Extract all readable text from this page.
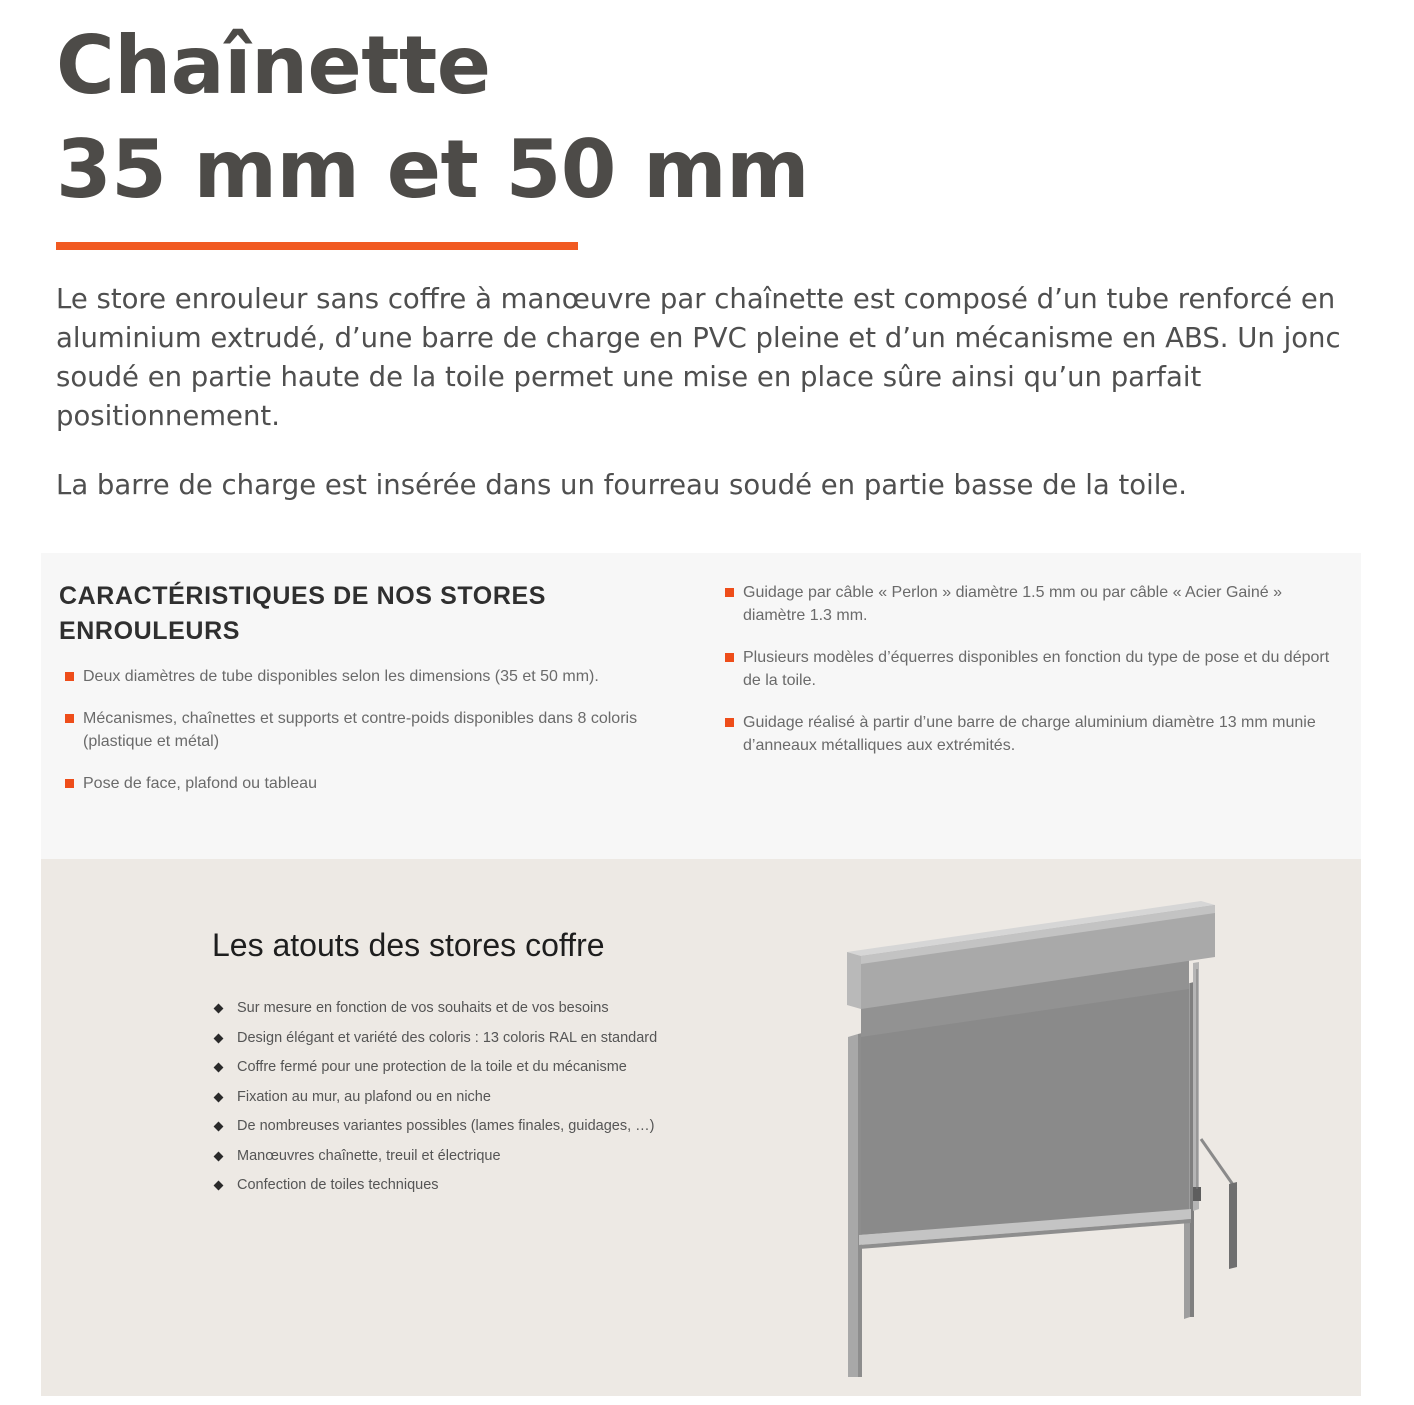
Chaînette
35 mm et 50 mm

Le store enrouleur sans coffre à manœuvre par chaînette est composé d’un tube renforcé en aluminium extrudé, d’une barre de charge en PVC pleine et d’un mécanisme en ABS. Un jonc soudé en partie haute de la toile permet une mise en place sûre ainsi qu’un parfait positionnement.

La barre de charge est insérée dans un fourreau soudé en partie basse de la toile.

CARACTÉRISTIQUES DE NOS STORES ENROULEURS
Deux diamètres de tube disponibles selon les dimensions (35 et 50 mm).
Mécanismes, chaînettes et supports et contre-poids disponibles dans 8 coloris (plastique et métal)
Pose de face, plafond ou tableau
Guidage par câble « Perlon » diamètre 1.5 mm ou par câble « Acier Gainé » diamètre 1.3 mm.
Plusieurs modèles d’équerres disponibles en fonction du type de pose et du déport de la toile.
Guidage réalisé à partir d’une barre de charge aluminium diamètre 13 mm munie d’anneaux métalliques aux extrémités.
Les atouts des stores coffre
Sur mesure en fonction de vos souhaits et de vos besoins
Design élégant et variété des coloris : 13 coloris RAL en standard
Coffre fermé pour une protection de la toile et du mécanisme
Fixation au mur, au plafond ou en niche
De nombreuses variantes possibles (lames finales, guidages, …)
Manœuvres chaînette, treuil et électrique
Confection de toiles techniques
